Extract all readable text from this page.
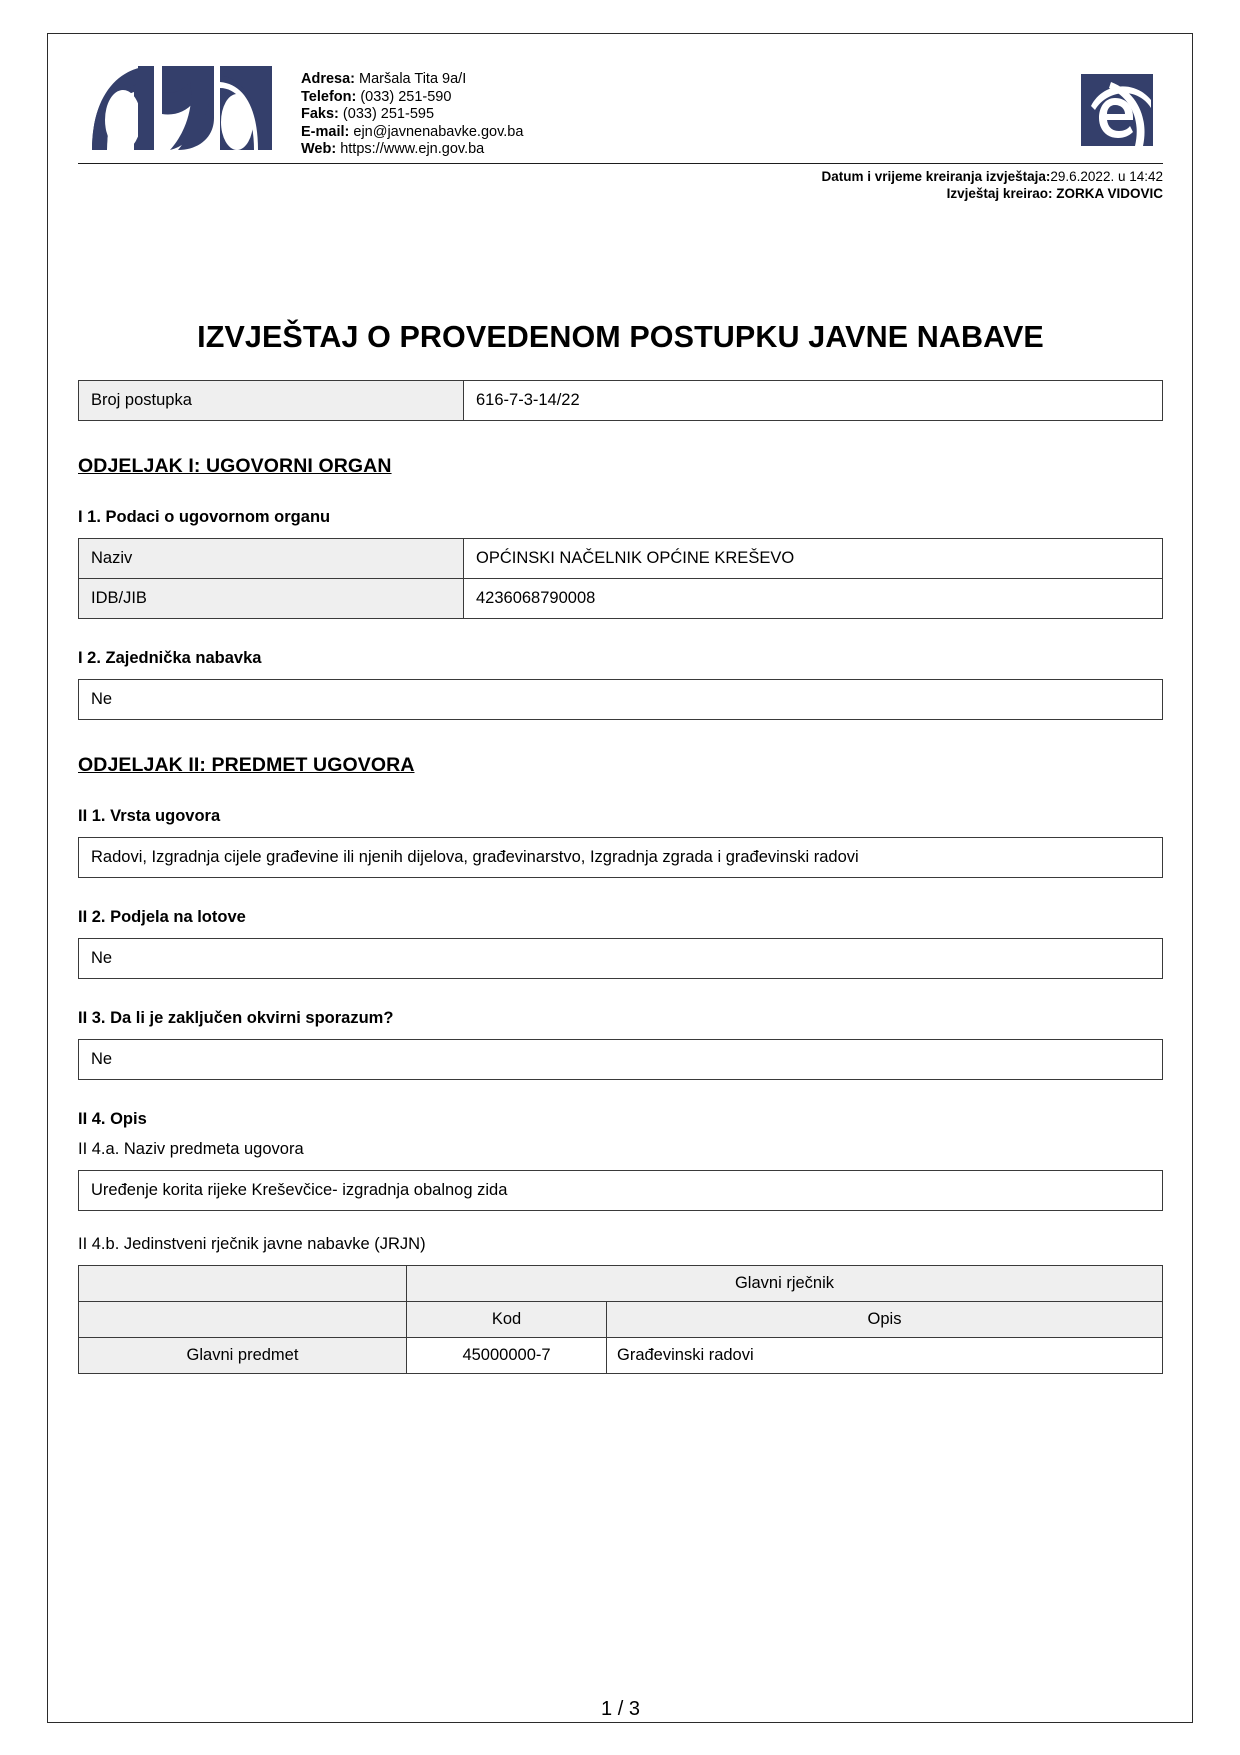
Adresa: Maršala Tita 9a/I
Telefon: (033) 251-590
Faks: (033) 251-595
E-mail: ejn@javnenabavke.gov.ba
Web: https://www.ejn.gov.ba
Datum i vrijeme kreiranja izvještaja:29.6.2022. u 14:42
Izvještaj kreirao: ZORKA VIDOVIC
IZVJEŠTAJ O PROVEDENOM POSTUPKU JAVNE NABAVE
Broj postupka	616-7-3-14/22
ODJELJAK I: UGOVORNI ORGAN
I 1. Podaci o ugovornom organu
Naziv	OPĆINSKI NAČELNIK OPĆINE KREŠEVO
IDB/JIB	4236068790008
I 2. Zajednička nabavka
Ne
ODJELJAK II: PREDMET UGOVORA
II 1. Vrsta ugovora
Radovi, Izgradnja cijele građevine ili njenih dijelova, građevinarstvo, Izgradnja zgrada i građevinski radovi
II 2. Podjela na lotove
Ne
II 3. Da li je zaključen okvirni sporazum?
Ne
II 4. Opis

II 4.a. Naziv predmeta ugovora

Uređenje korita rijeke Kreševčice- izgradnja obalnog zida

II 4.b. Jedinstveni rječnik javne nabavke (JRJN)

	Glavni rječnik	
	Kod	Opis
Glavni predmet	45000000-7	Građevinski radovi
1 / 3
